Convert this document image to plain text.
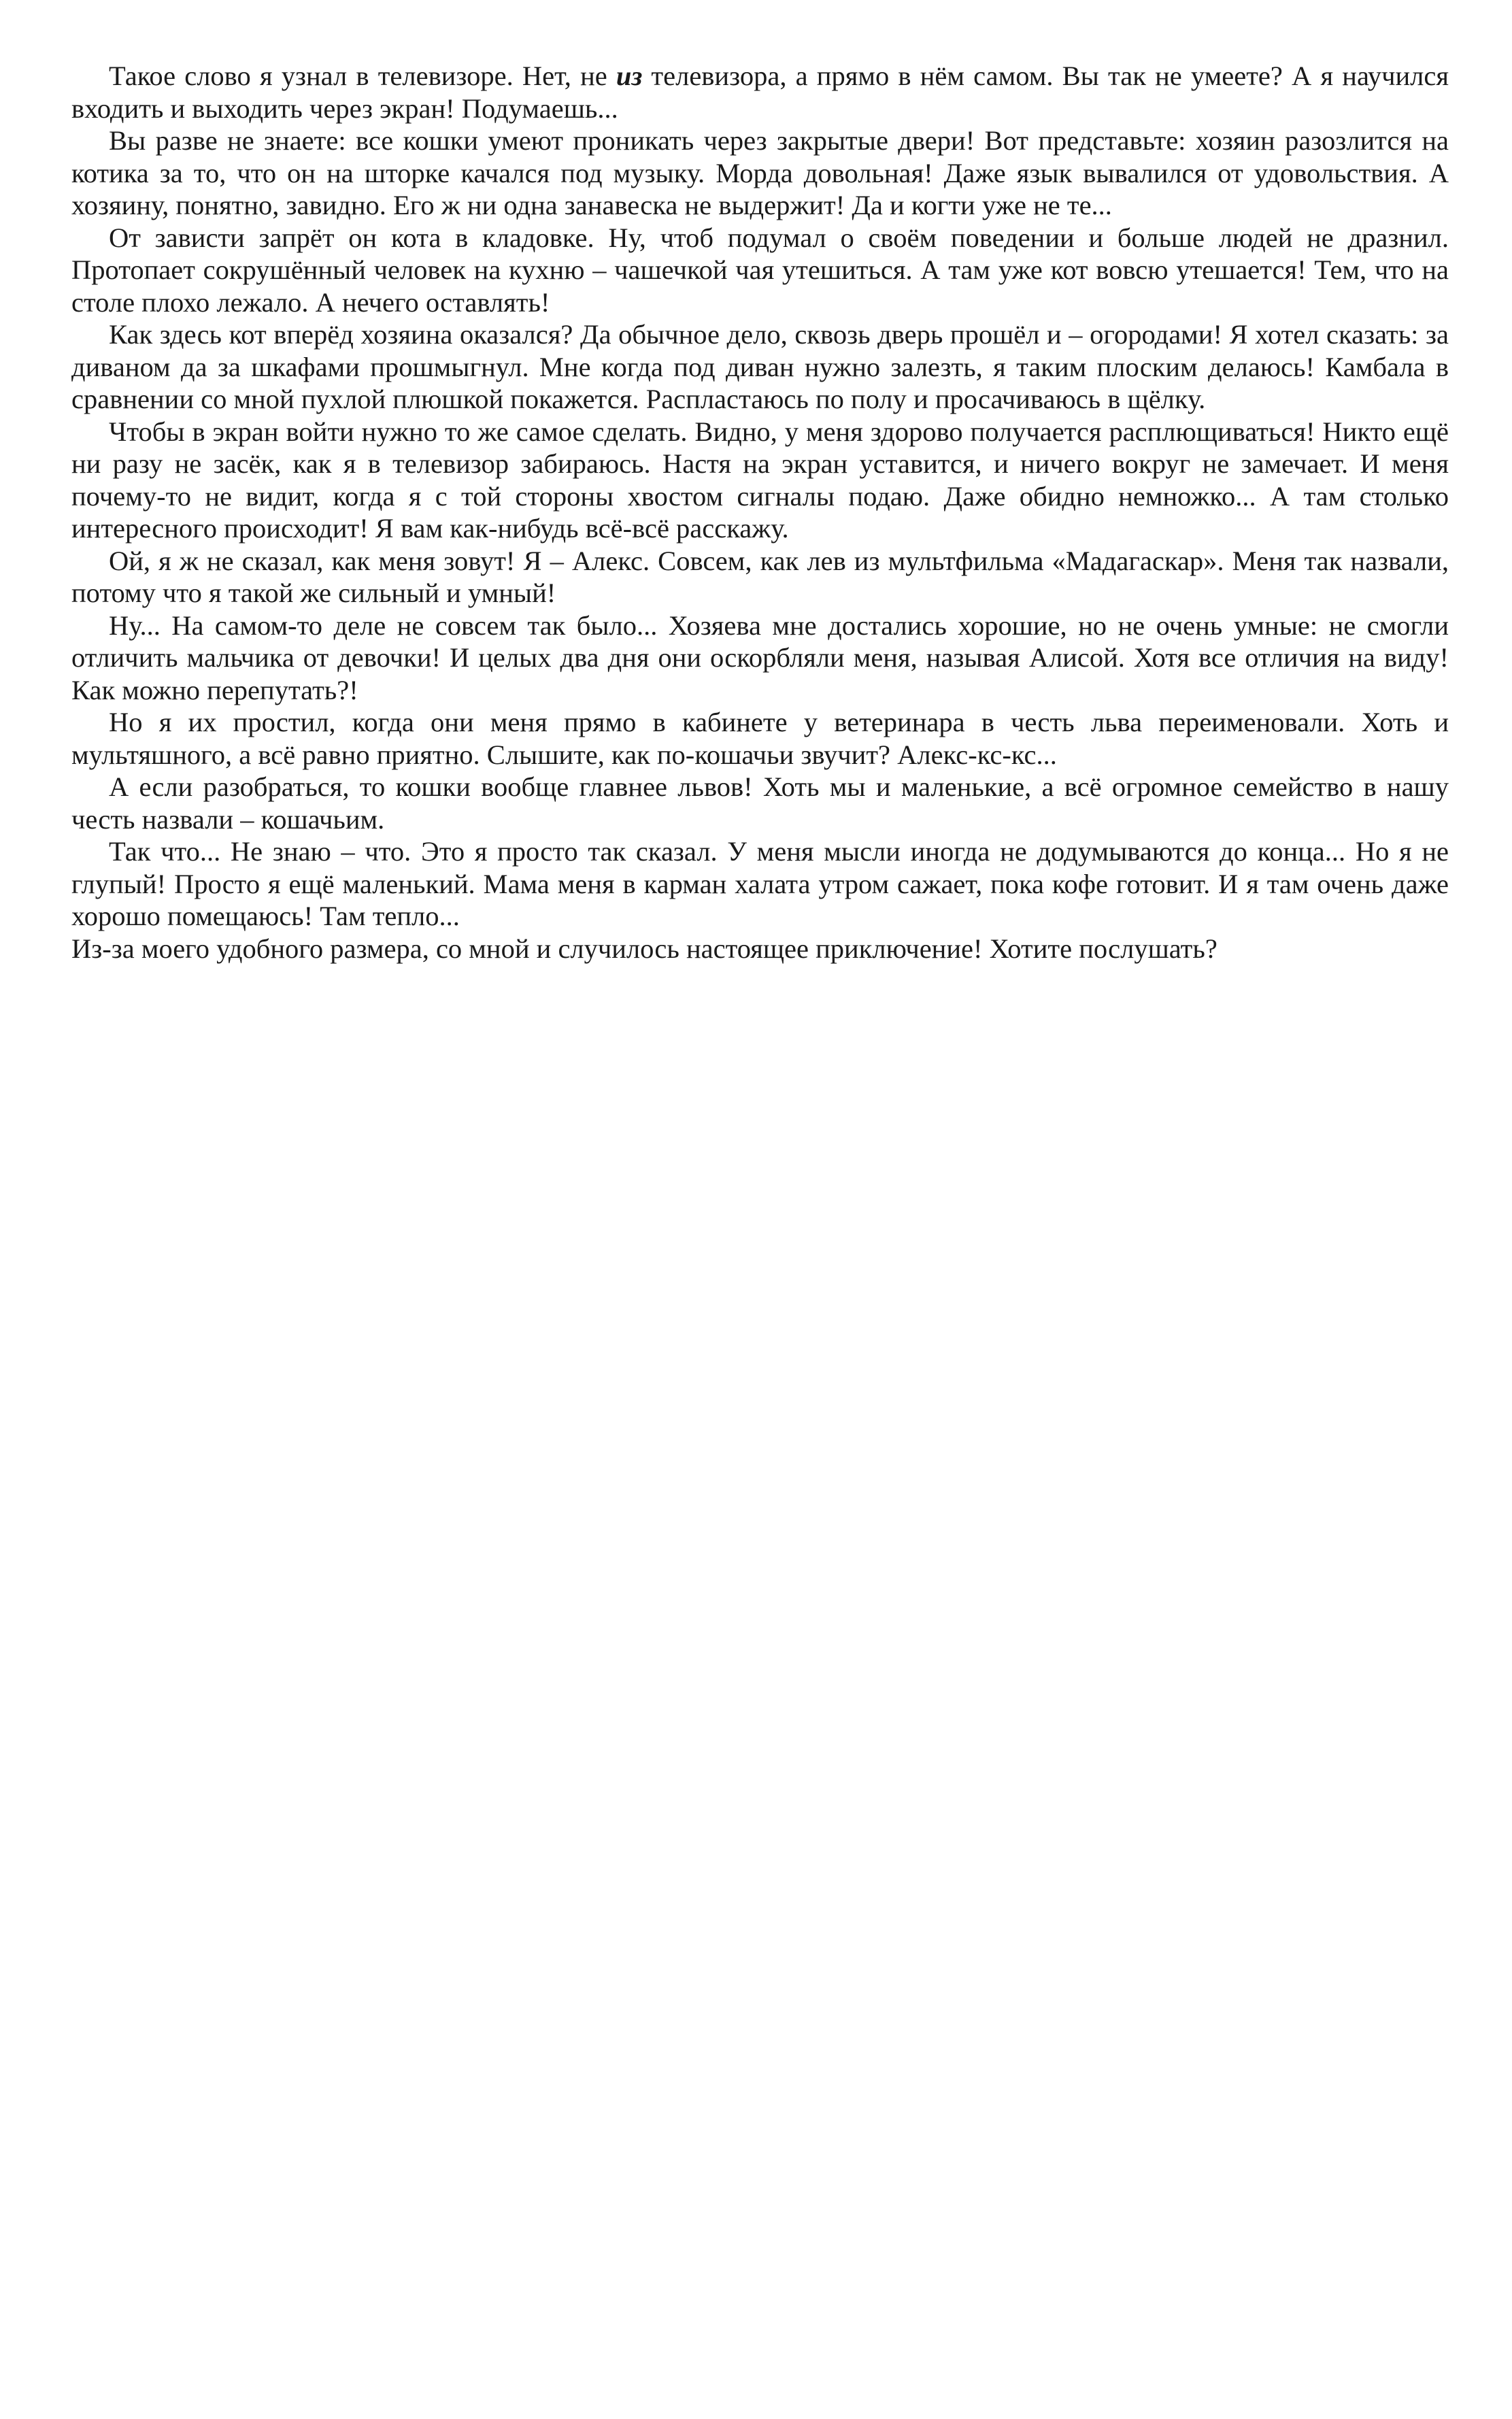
Такое слово я узнал в телевизоре. Нет, не из телевизора, а прямо в нём самом. Вы так не умеете? А я научился входить и выходить через экран! Подумаешь...

Вы разве не знаете: все кошки умеют проникать через закрытые двери! Вот представьте: хозяин разозлится на котика за то, что он на шторке качался под музыку. Морда довольная! Даже язык вывалился от удовольствия. А хозяину, понятно, завидно. Его ж ни одна занавеска не выдержит! Да и когти уже не те...

От зависти запрёт он кота в кладовке. Ну, чтоб подумал о своём поведении и больше людей не дразнил. Протопает сокрушённый человек на кухню – чашечкой чая утешиться. А там уже кот вовсю утешается! Тем, что на столе плохо лежало. А нечего оставлять!

Как здесь кот вперёд хозяина оказался? Да обычное дело, сквозь дверь прошёл и – огородами! Я хотел сказать: за диваном да за шкафами прошмыгнул. Мне когда под диван нужно залезть, я таким плоским делаюсь! Камбала в сравнении со мной пухлой плюшкой покажется. Распластаюсь по полу и просачиваюсь в щёлку.

Чтобы в экран войти нужно то же самое сделать. Видно, у меня здорово получается расплющиваться! Никто ещё ни разу не засёк, как я в телевизор забираюсь. Настя на экран уставится, и ничего вокруг не замечает. И меня почему-то не видит, когда я с той стороны хвостом сигналы подаю. Даже обидно немножко... А там столько интересного происходит! Я вам как-нибудь всё-всё расскажу.

Ой, я ж не сказал, как меня зовут! Я – Алекс. Совсем, как лев из мультфильма «Мадагаскар». Меня так назвали, потому что я такой же сильный и умный!

Ну... На самом-то деле не совсем так было... Хозяева мне достались хорошие, но не очень умные: не смогли отличить мальчика от девочки! И целых два дня они оскорбляли меня, называя Алисой. Хотя все отличия на виду! Как можно перепутать?!

Но я их простил, когда они меня прямо в кабинете у ветеринара в честь льва переименовали. Хоть и мультяшного, а всё равно приятно. Слышите, как по-кошачьи звучит? Алекс-кс-кс...

А если разобраться, то кошки вообще главнее львов! Хоть мы и маленькие, а всё огромное семейство в нашу честь назвали – кошачьим.

Так что... Не знаю – что. Это я просто так сказал. У меня мысли иногда не додумываются до конца... Но я не глупый! Просто я ещё маленький. Мама меня в карман халата утром сажает, пока кофе готовит. И я там очень даже хорошо помещаюсь! Там тепло...

Из-за моего удобного размера, со мной и случилось настоящее приключение! Хотите послушать?
